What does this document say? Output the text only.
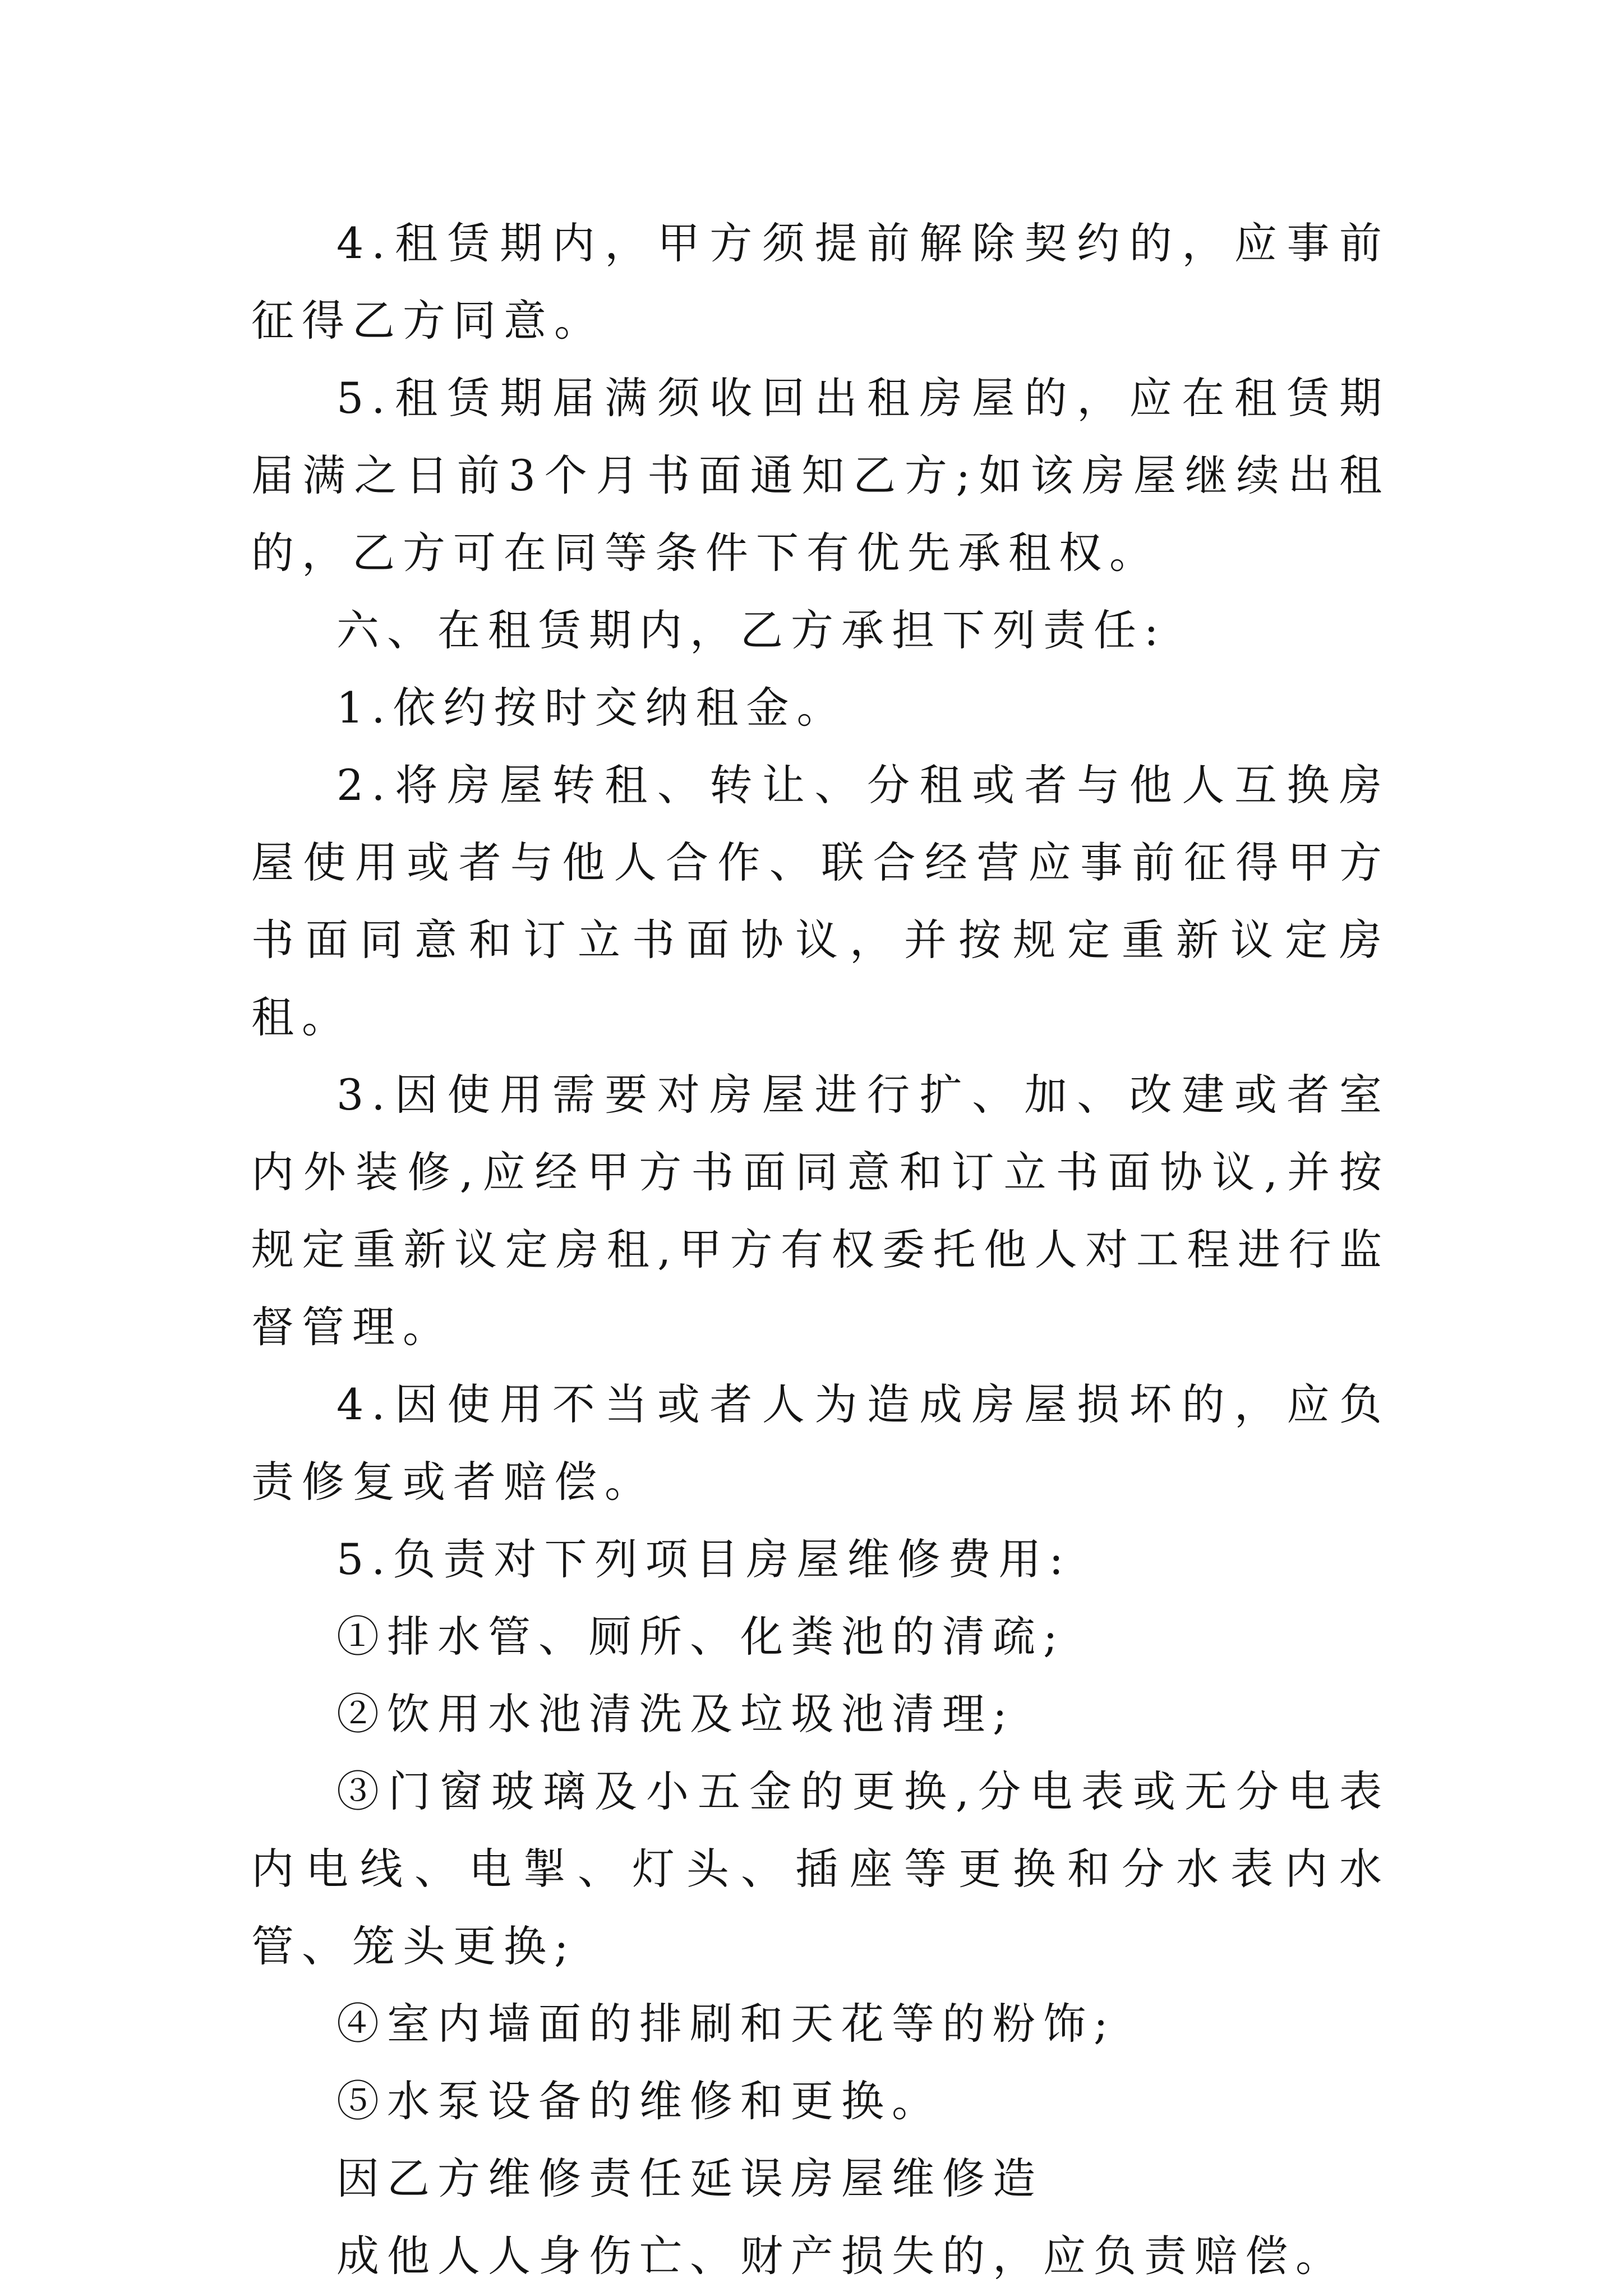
4.租赁期内，甲方须提前解除契约的，应事前征得乙方同意。

5.租赁期届满须收回出租房屋的，应在租赁期届满之日前3个月书面通知乙方;如该房屋继续出租的，乙方可在同等条件下有优先承租权。

六、在租赁期内，乙方承担下列责任:

1.依约按时交纳租金。

2.将房屋转租、转让、分租或者与他人互换房屋使用或者与他人合作、联合经营应事前征得甲方书面同意和订立书面协议，并按规定重新议定房租。

3.因使用需要对房屋进行扩、加、改建或者室内外装修,应经甲方书面同意和订立书面协议,并按规定重新议定房租,甲方有权委托他人对工程进行监督管理。

4.因使用不当或者人为造成房屋损坏的，应负责修复或者赔偿。

5.负责对下列项目房屋维修费用:

①排水管、厕所、化粪池的清疏;

②饮用水池清洗及垃圾池清理;

③门窗玻璃及小五金的更换,分电表或无分电表内电线、电掣、灯头、插座等更换和分水表内水管、笼头更换;

④室内墙面的排刷和天花等的粉饰;

⑤水泵设备的维修和更换。

因乙方维修责任延误房屋维修造

成他人人身伤亡、财产损失的，应负责赔偿。
